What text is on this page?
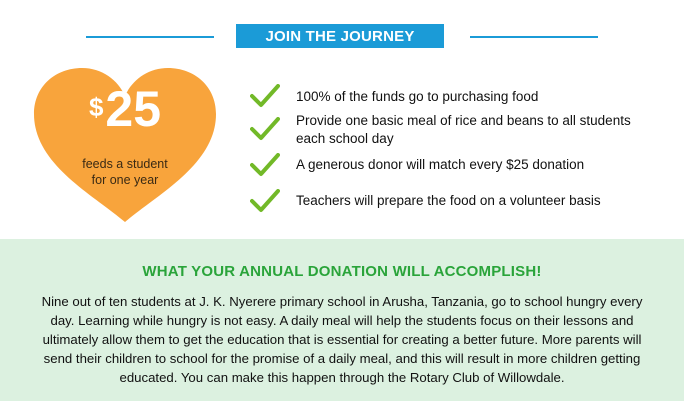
JOIN THE JOURNEY
$25
feeds a student
for one year
100% of the funds go to purchasing food
Provide one basic meal of rice and beans to all students each school day
A generous donor will match every $25 donation
Teachers will prepare the food on a volunteer basis
WHAT YOUR ANNUAL DONATION WILL ACCOMPLISH!
Nine out of ten students at J. K. Nyerere primary school in Arusha, Tanzania, go to school hungry every day. Learning while hungry is not easy. A daily meal will help the students focus on their lessons and ultimately allow them to get the education that is essential for creating a better future. More parents will send their children to school for the promise of a daily meal, and this will result in more children getting educated. You can make this happen through the Rotary Club of Willowdale.
